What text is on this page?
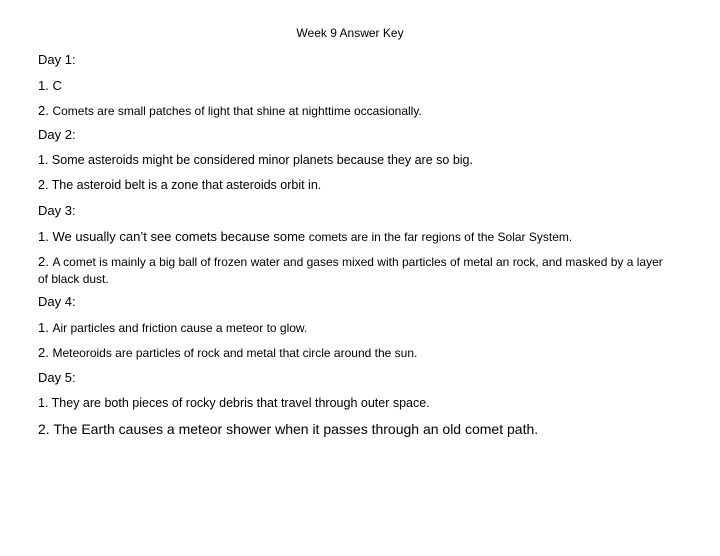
Week 9 Answer Key
Day 1:
1. C
2. Comets are small patches of light that shine at nighttime occasionally.
Day 2:
1. Some asteroids might be considered minor planets because they are so big.
2. The asteroid belt is a zone that asteroids orbit in.
Day 3:
1. We usually can’t see comets because some comets are in the far regions of the Solar System.
2. A comet is mainly a big ball of frozen water and gases mixed with particles of metal an rock, and masked by a layer of black dust.
Day 4:
1. Air particles and friction cause a meteor to glow.
2. Meteoroids are particles of rock and metal that circle around the sun.
Day 5:
1. They are both pieces of rocky debris that travel through outer space.
2. The Earth causes a meteor shower when it passes through an old comet path.
